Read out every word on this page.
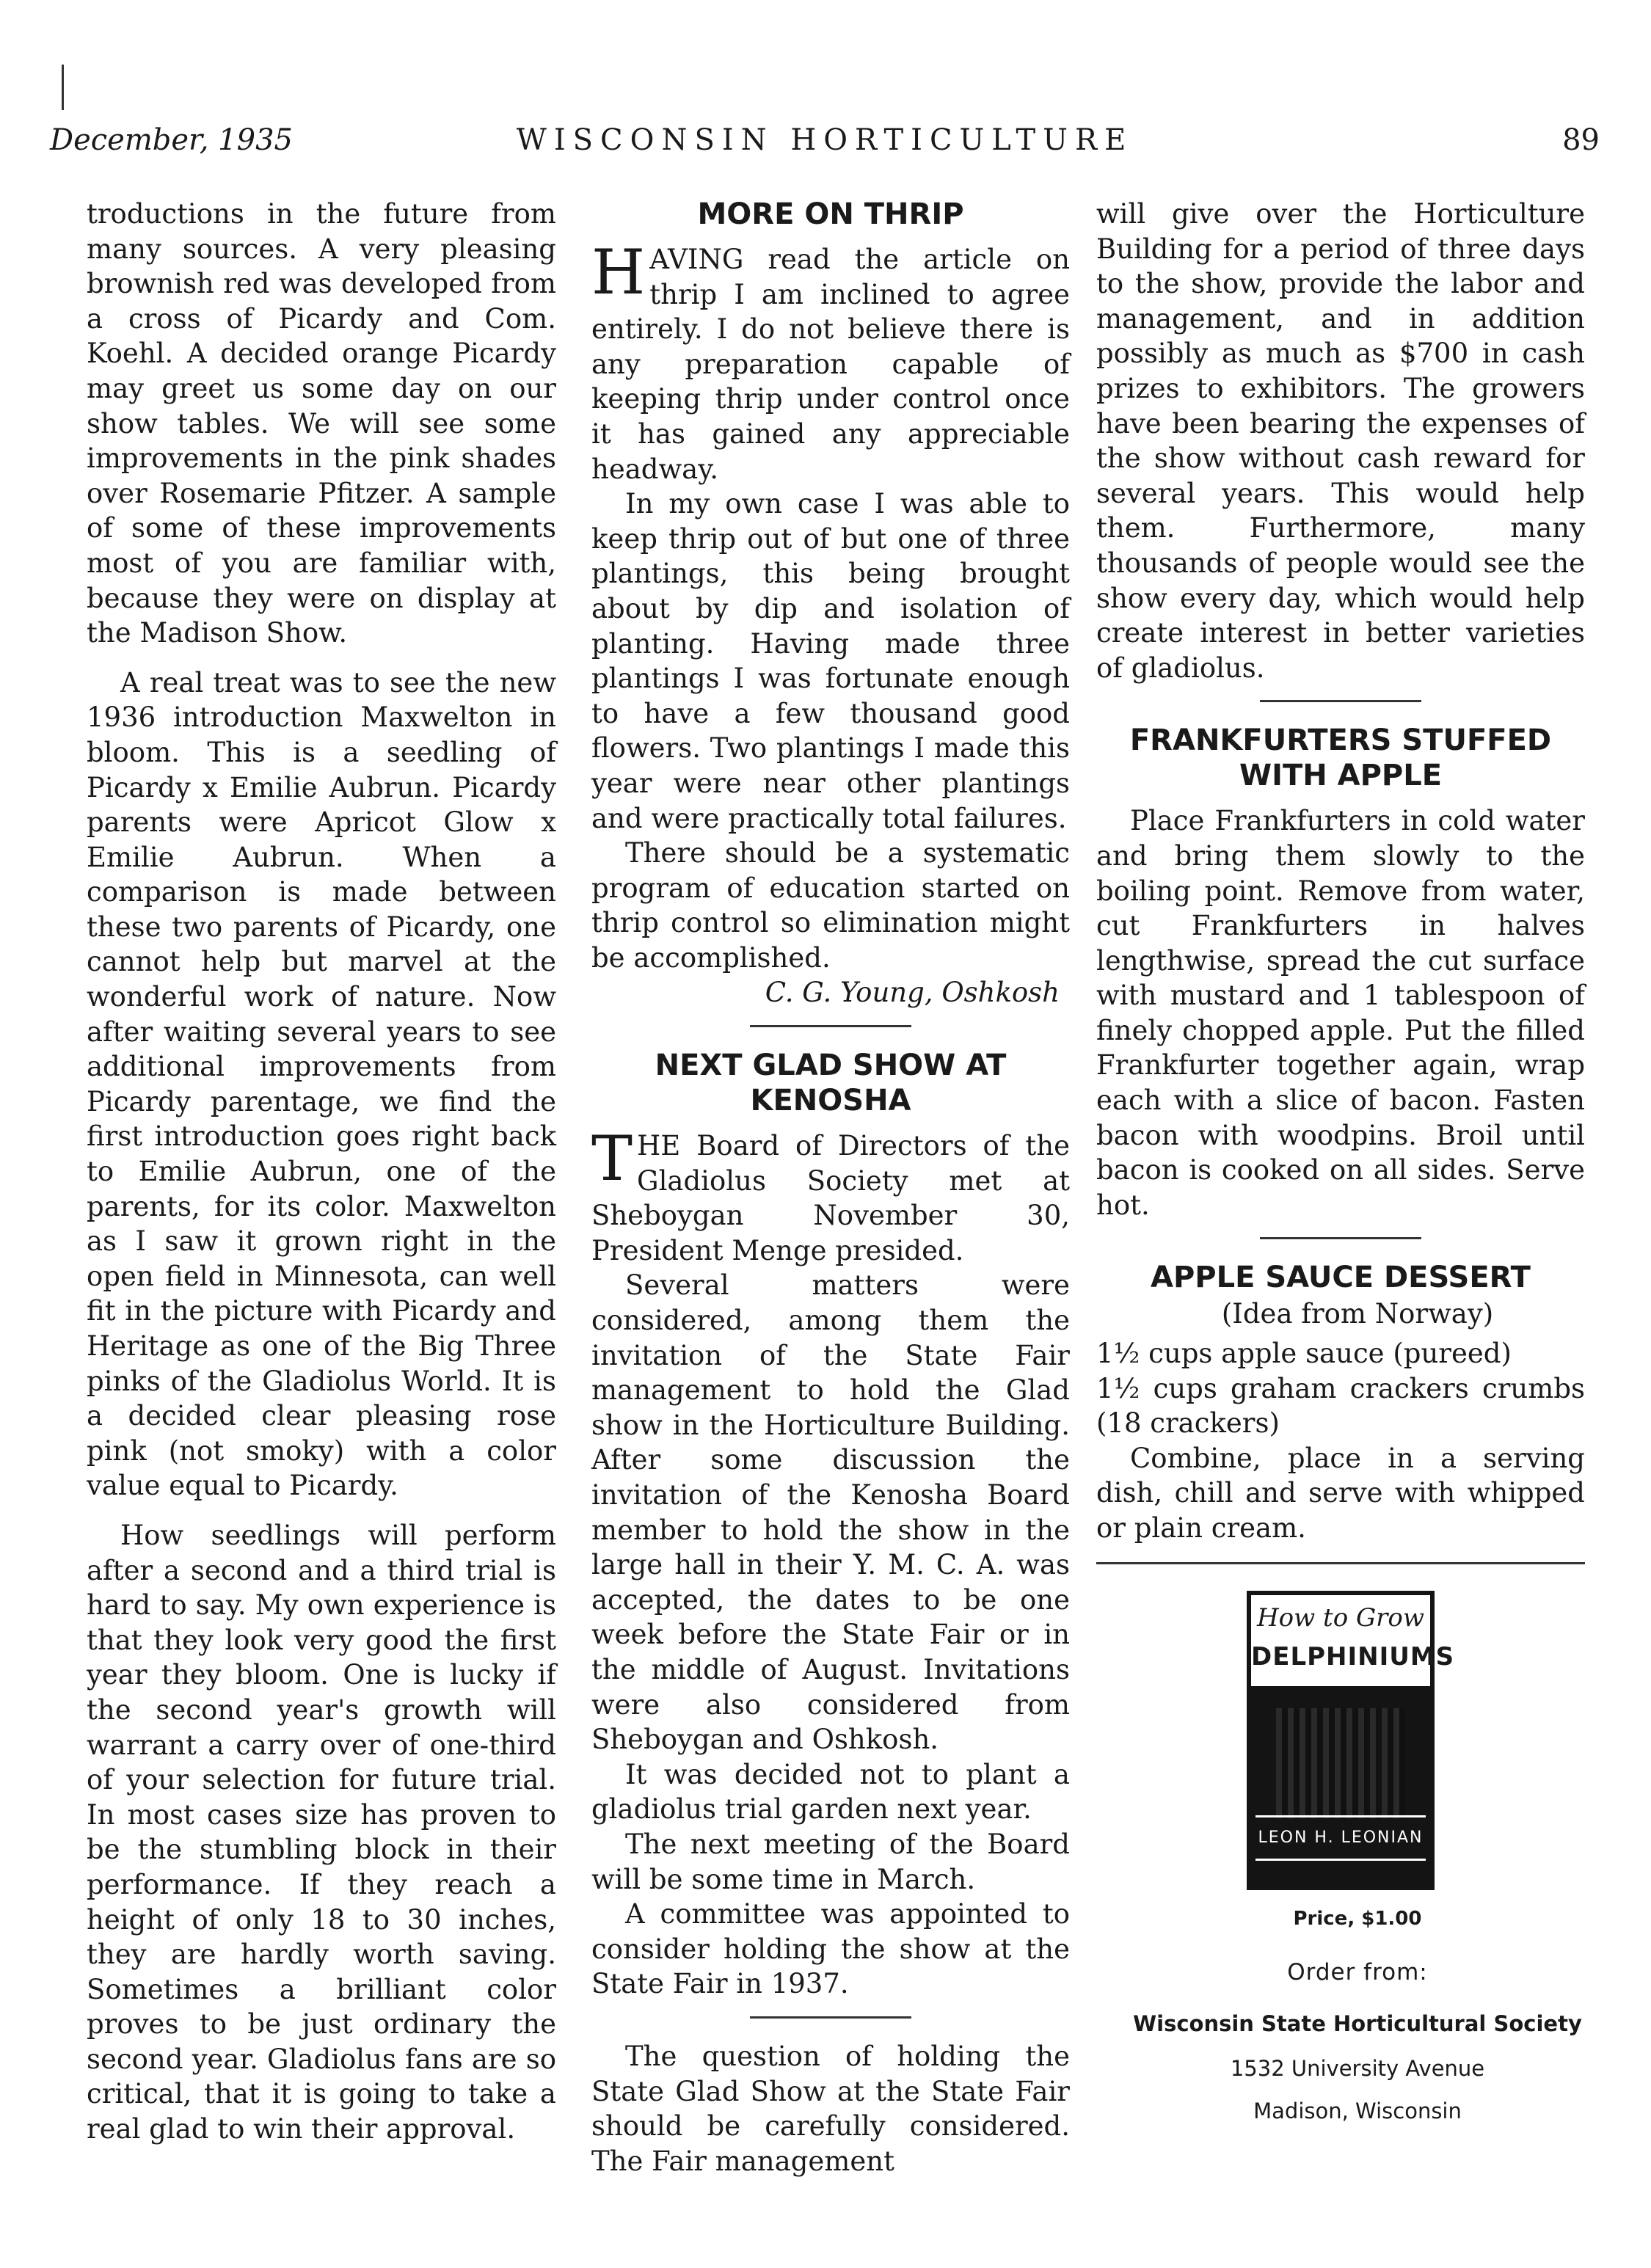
December, 1935	WISCONSIN HORTICULTURE	89

troductions in the future from many sources. A very pleasing brownish red was developed from a cross of Picardy and Com. Koehl. A decided orange Picardy may greet us some day on our show tables. We will see some improvements in the pink shades over Rosemarie Pfitzer. A sample of some of these improvements most of you are familiar with, because they were on display at the Madison Show.

A real treat was to see the new 1936 introduction Maxwelton in bloom. This is a seedling of Picardy x Emilie Aubrun. Picardy parents were Apricot Glow x Emilie Aubrun. When a comparison is made between these two parents of Picardy, one cannot help but marvel at the wonderful work of nature. Now after waiting several years to see additional improvements from Picardy parentage, we find the first introduction goes right back to Emilie Aubrun, one of the parents, for its color. Maxwelton as I saw it grown right in the open field in Minnesota, can well fit in the picture with Picardy and Heritage as one of the Big Three pinks of the Gladiolus World. It is a decided clear pleasing rose pink (not smoky) with a color value equal to Picardy.

How seedlings will perform after a second and a third trial is hard to say. My own experience is that they look very good the first year they bloom. One is lucky if the second year's growth will warrant a carry over of one-third of your selection for future trial. In most cases size has proven to be the stumbling block in their performance. If they reach a height of only 18 to 30 inches, they are hardly worth saving. Sometimes a brilliant color proves to be just ordinary the second year. Gladiolus fans are so critical, that it is going to take a real glad to win their approval.

MORE ON THRIP

HAVING read the article on thrip I am inclined to agree entirely. I do not believe there is any preparation capable of keeping thrip under control once it has gained any appreciable headway.

In my own case I was able to keep thrip out of but one of three plantings, this being brought about by dip and isolation of planting. Having made three plantings I was fortunate enough to have a few thousand good flowers. Two plantings I made this year were near other plantings and were practically total failures.

There should be a systematic program of education started on thrip control so elimination might be accomplished.

C. G. Young, Oshkosh

NEXT GLAD SHOW AT KENOSHA

THE Board of Directors of the Gladiolus Society met at Sheboygan November 30, President Menge presided.

Several matters were considered, among them the invitation of the State Fair management to hold the Glad show in the Horticulture Building. After some discussion the invitation of the Kenosha Board member to hold the show in the large hall in their Y. M. C. A. was accepted, the dates to be one week before the State Fair or in the middle of August. Invitations were also considered from Sheboygan and Oshkosh.

It was decided not to plant a gladiolus trial garden next year.

The next meeting of the Board will be some time in March.

A committee was appointed to consider holding the show at the State Fair in 1937.

The question of holding the State Glad Show at the State Fair should be carefully considered. The Fair management

will give over the Horticulture Building for a period of three days to the show, provide the labor and management, and in addition possibly as much as $700 in cash prizes to exhibitors. The growers have been bearing the expenses of the show without cash reward for several years. This would help them. Furthermore, many thousands of people would see the show every day, which would help create interest in better varieties of gladiolus.

FRANKFURTERS STUFFED WITH APPLE

Place Frankfurters in cold water and bring them slowly to the boiling point. Remove from water, cut Frankfurters in halves lengthwise, spread the cut surface with mustard and 1 tablespoon of finely chopped apple. Put the filled Frankfurter together again, wrap each with a slice of bacon. Fasten bacon with woodpins. Broil until bacon is cooked on all sides. Serve hot.

APPLE SAUCE DESSERT

(Idea from Norway)

1½ cups apple sauce (pureed)

1½ cups graham crackers crumbs (18 crackers)

Combine, place in a serving dish, chill and serve with whipped or plain cream.

How to Grow
DELPHINIUMS
LEON H. LEONIAN

Price, $1.00

Order from:

Wisconsin State Horticultural Society

1532 University Avenue

Madison, Wisconsin
